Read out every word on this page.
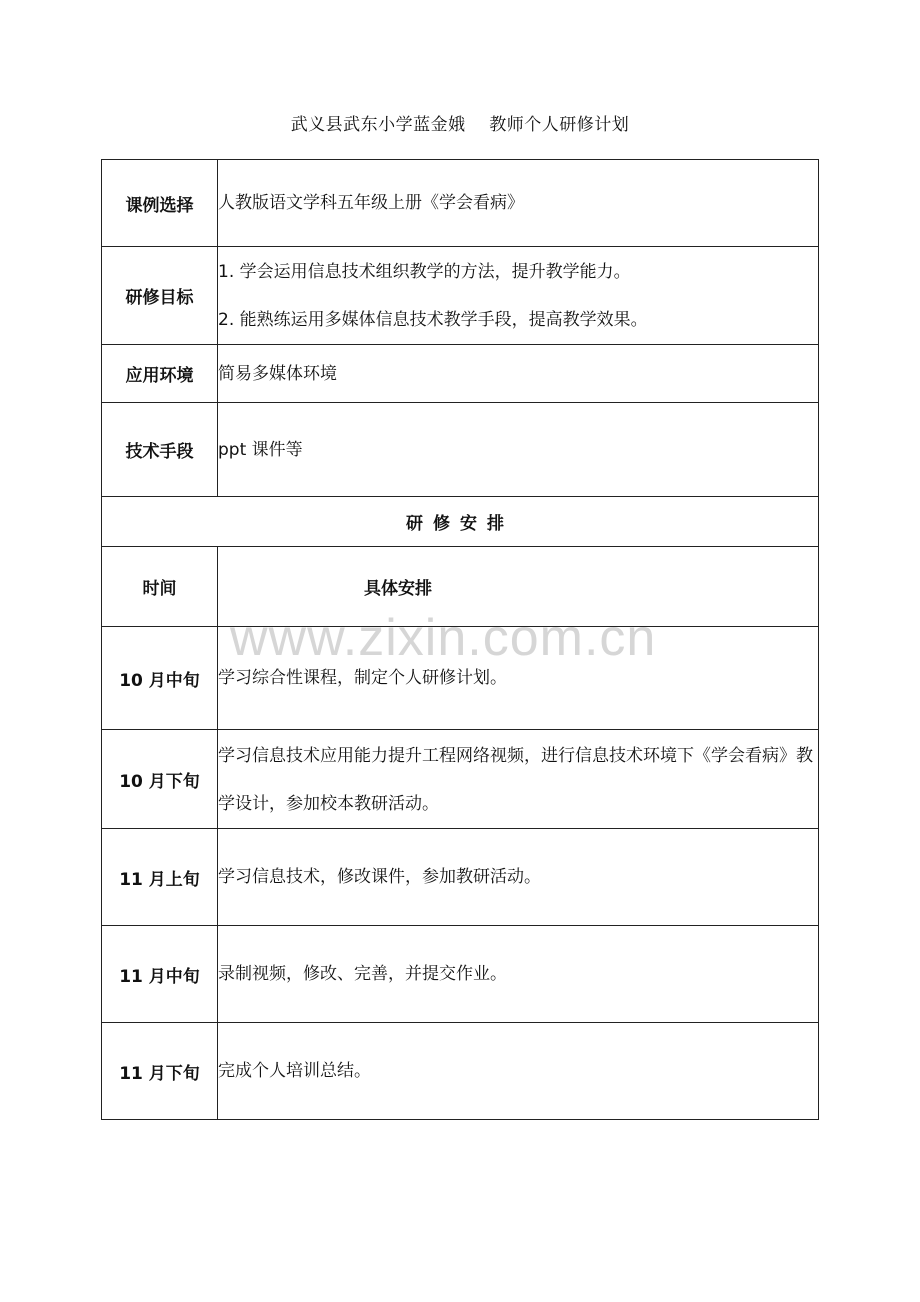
武义县武东小学蓝金娥    教师个人研修计划
课例选择	人教版语文学科五年级上册《学会看病》

研修目标	1. 学会运用信息技术组织教学的方法，提升教学能力。
2. 能熟练运用多媒体信息技术教学手段，提高教学效果。

应用环境	简易多媒体环境

技术手段	ppt 课件等

研修安排	
时间	具体安排

10 月中旬	学习综合性课程，制定个人研修计划。

10 月下旬	学习信息技术应用能力提升工程网络视频，进行信息技术环境下《学会看病》教学设计，参加校本教研活动。

11 月上旬	学习信息技术，修改课件，参加教研活动。

11 月中旬	录制视频，修改、完善，并提交作业。

11 月下旬	完成个人培训总结。
www.zixin.com.cn
